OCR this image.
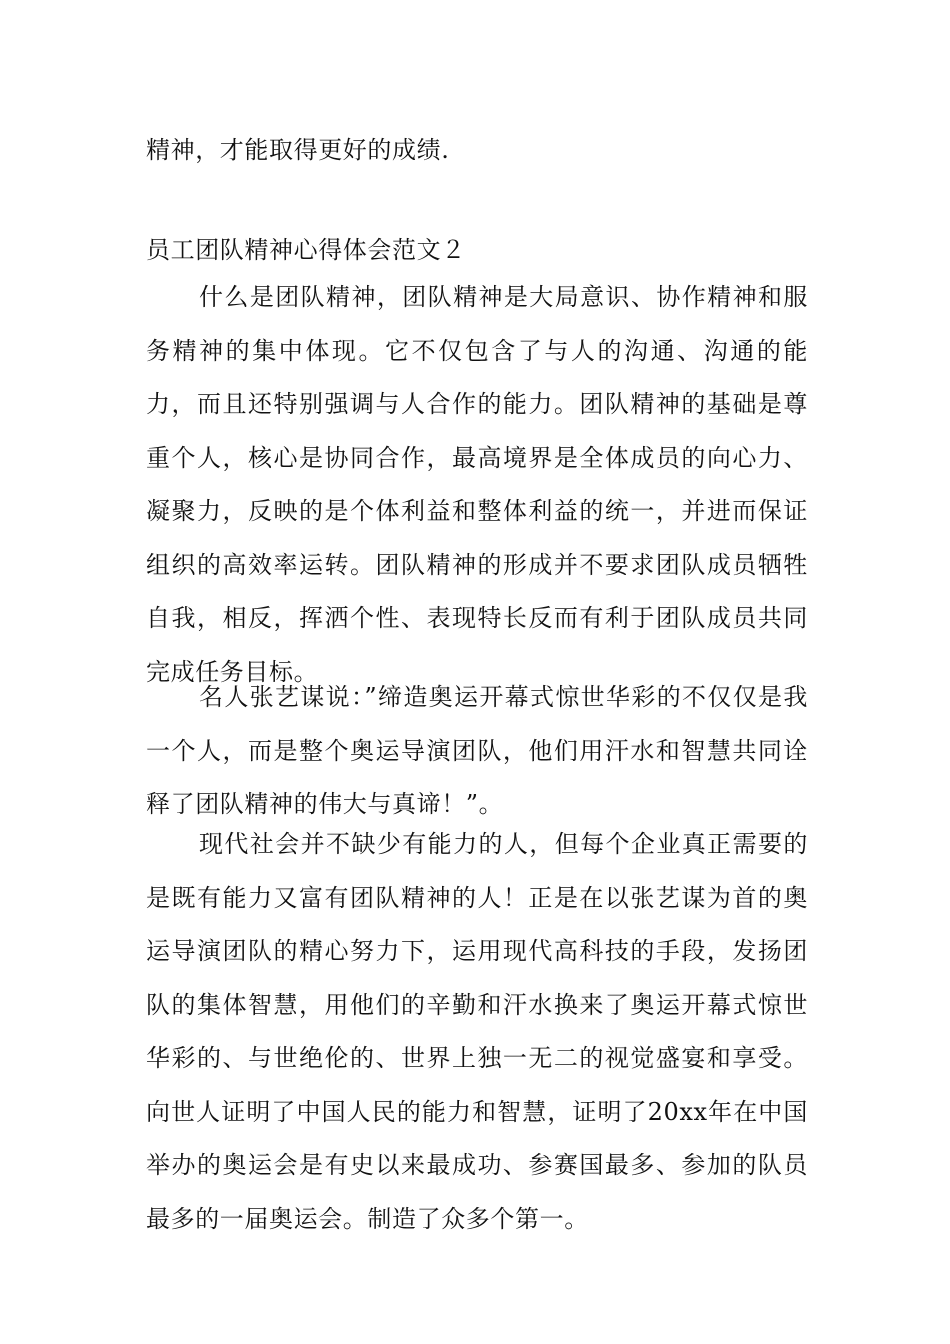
精神，才能取得更好的成绩.

员工团队精神心得体会范文２

什么是团队精神，团队精神是大局意识、协作精神和服务精神的集中体现。它不仅包含了与人的沟通、沟通的能力，而且还特别强调与人合作的能力。团队精神的基础是尊重个人，核心是协同合作，最高境界是全体成员的向心力、凝聚力，反映的是个体利益和整体利益的统一，并进而保证组织的高效率运转。团队精神的形成并不要求团队成员牺牲自我，相反，挥洒个性、表现特长反而有利于团队成员共同完成任务目标。

名人张艺谋说：”缔造奥运开幕式惊世华彩的不仅仅是我一个人，而是整个奥运导演团队，他们用汗水和智慧共同诠释了团队精神的伟大与真谛！”。

现代社会并不缺少有能力的人，但每个企业真正需要的是既有能力又富有团队精神的人！正是在以张艺谋为首的奥运导演团队的精心努力下，运用现代高科技的手段，发扬团队的集体智慧，用他们的辛勤和汗水换来了奥运开幕式惊世华彩的、与世绝伦的、世界上独一无二的视觉盛宴和享受。向世人证明了中国人民的能力和智慧，证明了20xx年在中国举办的奥运会是有史以来最成功、参赛国最多、参加的队员最多的一届奥运会。制造了众多个第一。
